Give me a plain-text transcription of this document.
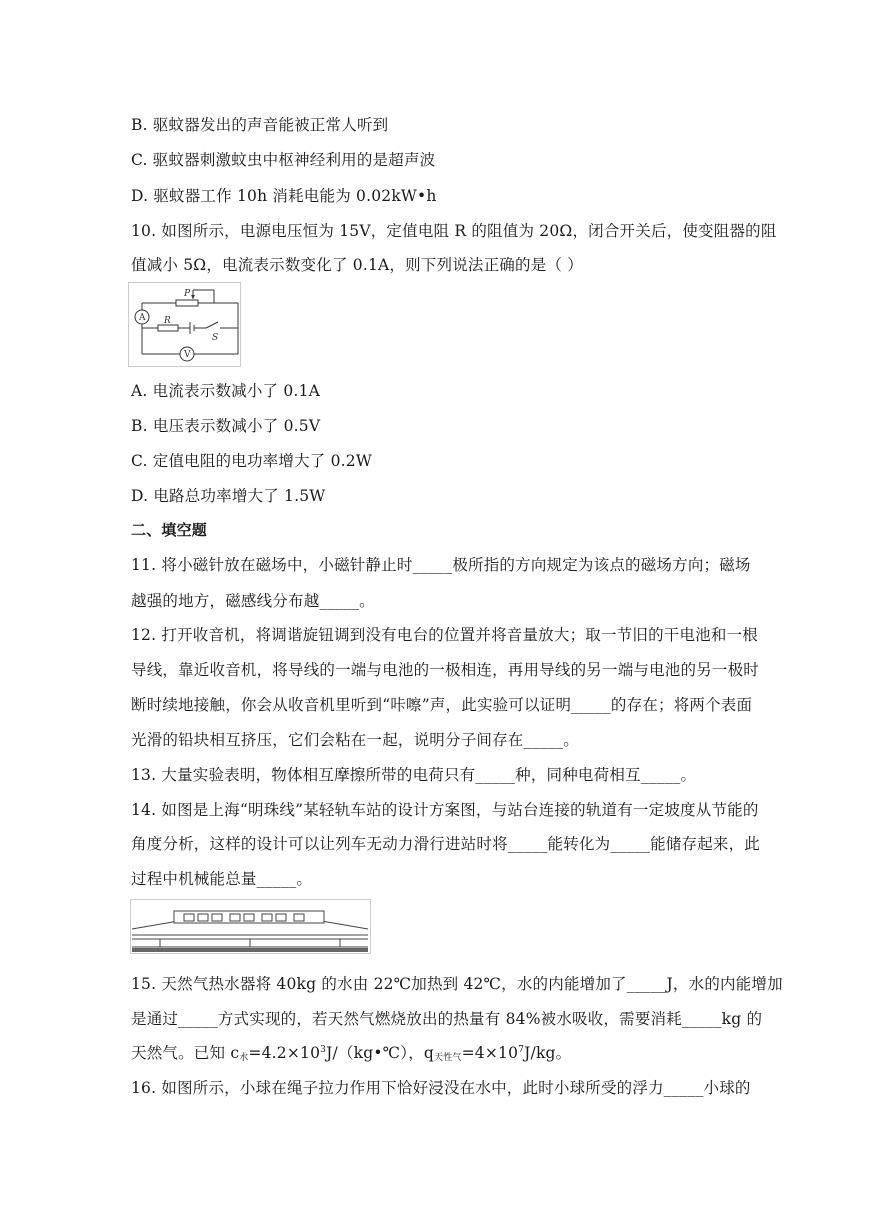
B. 驱蚊器发出的声音能被正常人听到
C. 驱蚊器刺激蚊虫中枢神经利用的是超声波
D. 驱蚊器工作 10h 消耗电能为 0.02kW•h
10. 如图所示，电源电压恒为 15V，定值电阻 R 的阻值为 20Ω，闭合开关后，使变阻器的阻
值减小 5Ω，电流表示数变化了 0.1A，则下列说法正确的是（ ）
P
A R
S
V
A. 电流表示数减小了 0.1A
B. 电压表示数减小了 0.5V
C. 定值电阻的电功率增大了 0.2W
D. 电路总功率增大了 1.5W
二、填空题
11. 将小磁针放在磁场中，小磁针静止时_____极所指的方向规定为该点的磁场方向；磁场
越强的地方，磁感线分布越_____。
12. 打开收音机，将调谐旋钮调到没有电台的位置并将音量放大；取一节旧的干电池和一根
导线，靠近收音机，将导线的一端与电池的一极相连，再用导线的另一端与电池的另一极时
断时续地接触，你会从收音机里听到“咔嚓”声，此实验可以证明_____的存在；将两个表面
光滑的铅块相互挤压，它们会粘在一起，说明分子间存在_____。
13. 大量实验表明，物体相互摩擦所带的电荷只有_____种，同种电荷相互_____。
14. 如图是上海“明珠线”某轻轨车站的设计方案图，与站台连接的轨道有一定坡度从节能的
角度分析，这样的设计可以让列车无动力滑行进站时将_____能转化为_____能储存起来，此
过程中机械能总量_____。
15. 天然气热水器将 40kg 的水由 22℃加热到 42℃，水的内能增加了_____J，水的内能增加
是通过_____方式实现的，若天然气燃烧放出的热量有 84%被水吸收，需要消耗_____kg 的
天然气。已知 $c_水=4.2\times 10^3J/(kg•℃)$，$q_{天性气}=4\times 10^7J/kg$。
16. 如图所示，小球在绳子拉力作用下恰好浸没在水中，此时小球所受的浮力_____小球的
